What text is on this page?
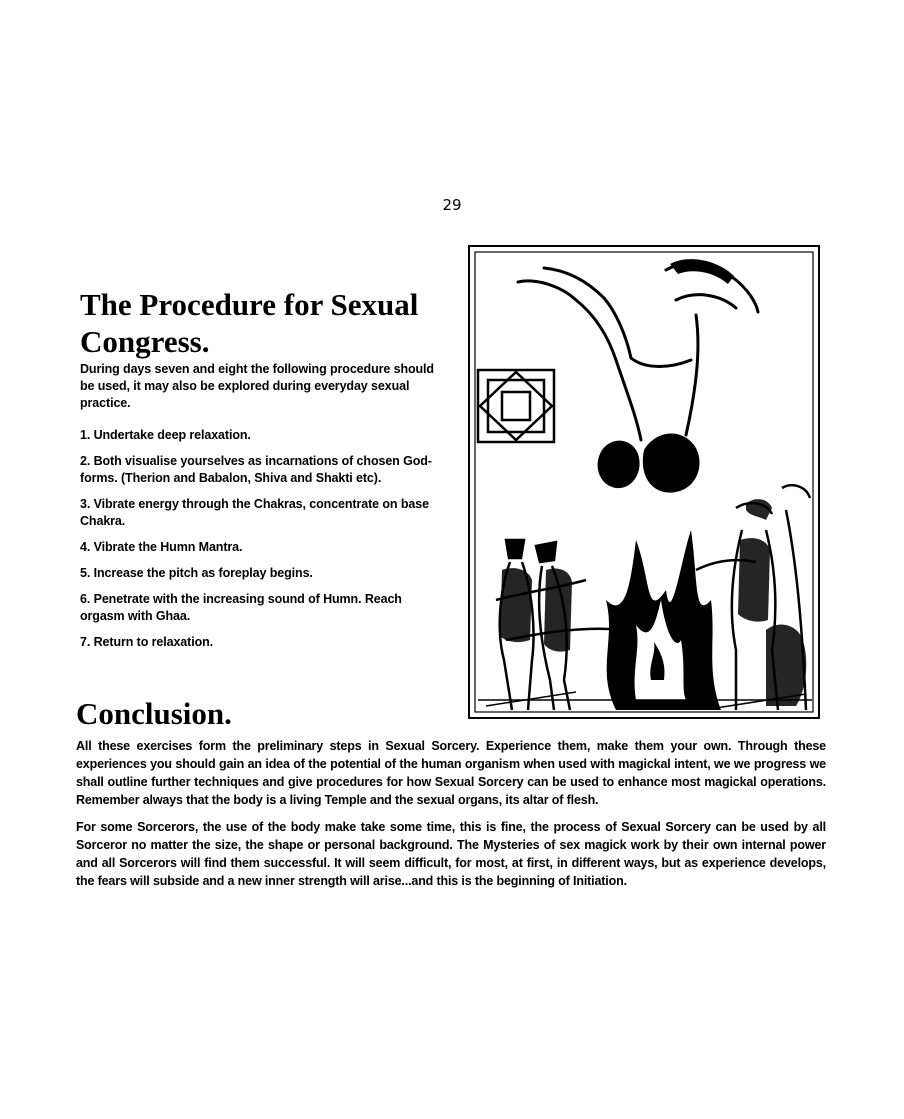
29
The Procedure for Sexual Congress.

During days seven and eight the following procedure should be used, it may also be explored during everyday sexual practice.

1. Undertake deep relaxation.

2. Both visualise yourselves as incarnations of chosen God-forms. (Therion and Babalon, Shiva and Shakti etc).

3. Vibrate energy through the Chakras, concentrate on base Chakra.

4. Vibrate the Humn Mantra.

5. Increase the pitch as foreplay begins.

6. Penetrate with the increasing sound of Humn. Reach orgasm with Ghaa.

7. Return to relaxation.

Conclusion.

All these exercises form the preliminary steps in Sexual Sorcery. Experience them, make them your own. Through these experiences you should gain an idea of the potential of the human organism when used with magickal intent, we we progress we shall outline further techniques and give procedures for how Sexual Sorcery can be used to enhance most magickal operations. Remember always that the body is a living Temple and the sexual organs, its altar of flesh.

For some Sorcerors, the use of the body make take some time, this is fine, the process of Sexual Sorcery can be used by all Sorceror no matter the size, the shape or personal background. The Mysteries of sex magick work by their own internal power and all Sorcerors will find them successful. It will seem difficult, for most, at first, in different ways, but as experience develops, the fears will subside and a new inner strength will arise...and this is the beginning of Initiation.
